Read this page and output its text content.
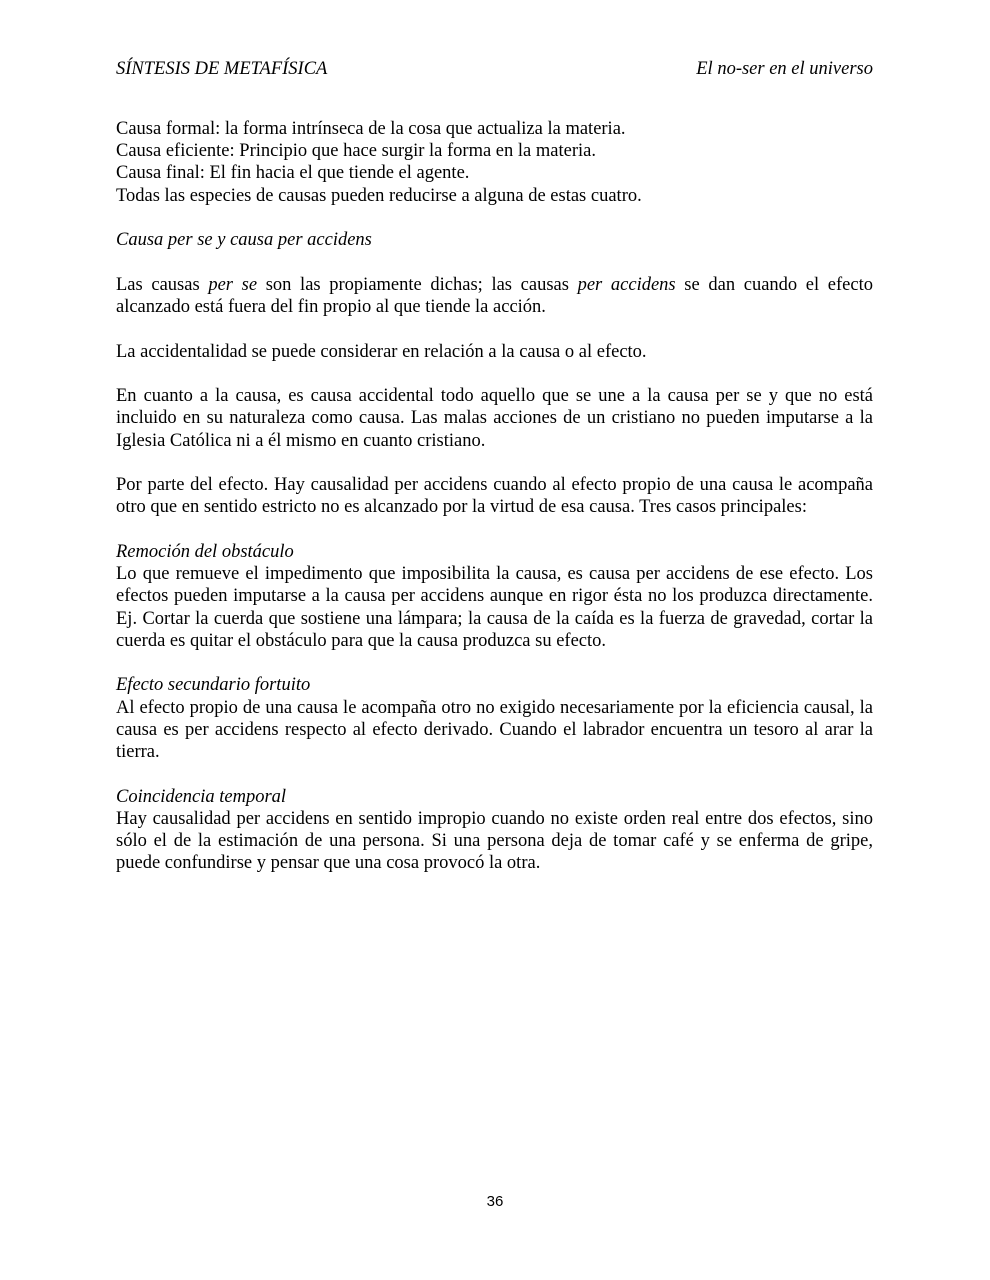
SÍNTESIS DE METAFÍSICA	El no-ser en el universo

Causa formal: la forma intrínseca de la cosa que actualiza la materia.

Causa eficiente: Principio que hace surgir la forma en la materia.

Causa final: El fin hacia el que tiende el agente.

Todas las especies de causas pueden reducirse a alguna de estas cuatro.

Causa per se y causa per accidens

Las causas per se son las propiamente dichas; las causas per accidens se dan cuando el efecto alcanzado está fuera del fin propio al que tiende la acción.

La accidentalidad se puede considerar en relación a la causa o al efecto.

En cuanto a la causa, es causa accidental todo aquello que se une a la causa per se y que no está incluido en su naturaleza como causa. Las malas acciones de un cristiano no pueden imputarse a la Iglesia Católica ni a él mismo en cuanto cristiano.

Por parte del efecto. Hay causalidad per accidens cuando al efecto propio de una causa le acompaña otro que en sentido estricto no es alcanzado por la virtud de esa causa. Tres casos principales:

Remoción del obstáculo

Lo que remueve el impedimento que imposibilita la causa, es causa per accidens de ese efecto. Los efectos pueden imputarse a la causa per accidens aunque en rigor ésta no los produzca directamente. Ej. Cortar la cuerda que sostiene una lámpara; la causa de la caída es la fuerza de gravedad, cortar la cuerda es quitar el obstáculo para que la causa produzca su efecto.

Efecto secundario fortuito

Al efecto propio de una causa le acompaña otro no exigido necesariamente por la eficiencia causal, la causa es per accidens respecto al efecto derivado. Cuando el labrador encuentra un tesoro al arar la tierra.

Coincidencia temporal

Hay causalidad per accidens en sentido impropio cuando no existe orden real entre dos efectos, sino sólo el de la estimación de una persona. Si una persona deja de tomar café y se enferma de gripe, puede confundirse y pensar que una cosa provocó la otra.

36
